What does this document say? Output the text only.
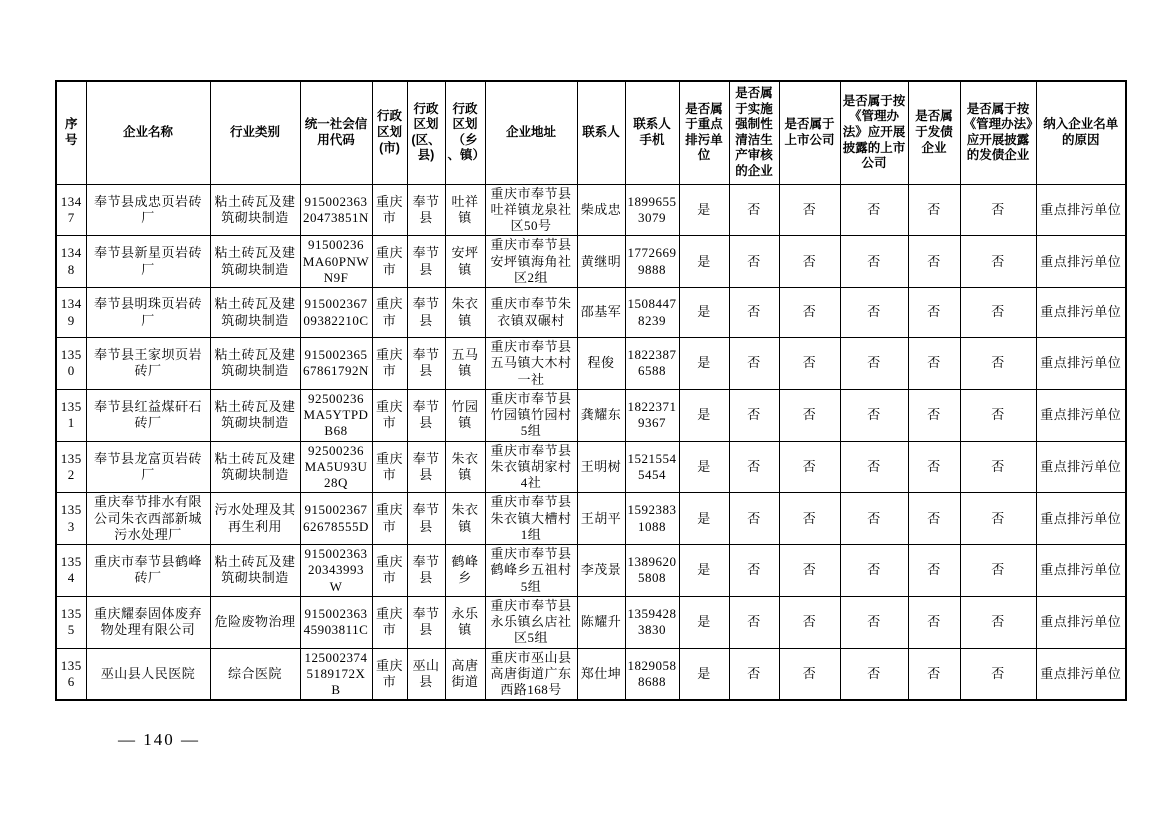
序号	企业名称	行业类别	统一社会信用代码	行政区划(市)	行政区划(区、县)	行政区划（乡、镇）	企业地址	联系人	联系人手机	是否属于重点排污单位	是否属于实施强制性清洁生产审核的企业	是否属于上市公司	是否属于按《管理办法》应开展披露的上市公司	是否属于发债企业	是否属于按《管理办法》应开展披露的发债企业	纳入企业名单的原因
1347	奉节县成忠页岩砖厂	粘土砖瓦及建筑砌块制造	91500236320473851N	重庆市	奉节县	吐祥镇	重庆市奉节县吐祥镇龙泉社区50号	柴成忠	18996553079	是	否	否	否	否	否	重点排污单位
1348	奉节县新星页岩砖厂	粘土砖瓦及建筑砌块制造	91500236MA60PNWN9F	重庆市	奉节县	安坪镇	重庆市奉节县安坪镇海角社区2组	黄继明	17726699888	是	否	否	否	否	否	重点排污单位
1349	奉节县明珠页岩砖厂	粘土砖瓦及建筑砌块制造	91500236709382210C	重庆市	奉节县	朱衣镇	重庆市奉节朱衣镇双碾村	邵基军	15084478239	是	否	否	否	否	否	重点排污单位
1350	奉节县王家坝页岩砖厂	粘土砖瓦及建筑砌块制造	91500236567861792N	重庆市	奉节县	五马镇	重庆市奉节县五马镇大木村一社	程俊	18223876588	是	否	否	否	否	否	重点排污单位
1351	奉节县红益煤矸石砖厂	粘土砖瓦及建筑砌块制造	92500236MA5YTPDB68	重庆市	奉节县	竹园镇	重庆市奉节县竹园镇竹园村5组	龚耀东	18223719367	是	否	否	否	否	否	重点排污单位
1352	奉节县龙富页岩砖厂	粘土砖瓦及建筑砌块制造	92500236MA5U93U28Q	重庆市	奉节县	朱衣镇	重庆市奉节县朱衣镇胡家村4社	王明树	15215545454	是	否	否	否	否	否	重点排污单位
1353	重庆奉节排水有限公司朱衣西部新城污水处理厂	污水处理及其再生利用	91500236762678555D	重庆市	奉节县	朱衣镇	重庆市奉节县朱衣镇大槽村1组	王胡平	15923831088	是	否	否	否	否	否	重点排污单位
1354	重庆市奉节县鹤峰砖厂	粘土砖瓦及建筑砌块制造	91500236320343993W	重庆市	奉节县	鹤峰乡	重庆市奉节县鹤峰乡五祖村5组	李茂景	13896205808	是	否	否	否	否	否	重点排污单位
1355	重庆耀泰固体废弃物处理有限公司	危险废物治理	91500236345903811C	重庆市	奉节县	永乐镇	重庆市奉节县永乐镇幺店社区5组	陈耀升	13594283830	是	否	否	否	否	否	重点排污单位
1356	巫山县人民医院	综合医院	1250023745189172XB	重庆市	巫山县	高唐街道	重庆市巫山县高唐街道广东西路168号	郑仕坤	18290588688	是	否	否	否	否	否	重点排污单位
— 140 —
